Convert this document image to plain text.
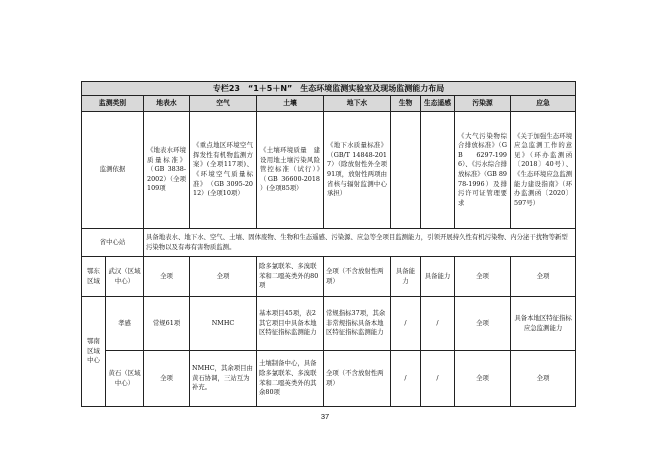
专栏23　“1＋5＋N”　生态环境监测实验室及现场监测能力布局									
监测类别		地表水	空气	土壤	地下水	生物	生态遥感	污染源	应急
监测依据		《地表水环境质量标准》（GB 3838-2002）（全项109项	《重点地区环境空气挥发性有机物监测方案》(全项117项)、《环境空气质量标准》　（GB 3095-2012）(全项10项）	《土壤环境质量　建设用地土壤污染风险管控标准（试行）》　（GB 36600-2018　）(全项85项）	《地下水质量标准》（GB/T 14848-2017）（除放射性外全项91项，放射性两项由省核与辐射监测中心承担）			《大气污染物综合排放标准》（GB 6297-1996）、《污水综合排放标准》（GB 8978-1996）及排污许可证管理要求	《关于加强生态环境应急监测工作的意见》（环办监测函〔2018〕40号）、《生态环境应急监测能力建设指南》（环办监测函〔2020〕597号）
省中心站		具备地表水、地下水、空气、土壤、固体废物、生物和生态遥感、污染源、应急等全项目监测能力，引领开展持久性有机污染物、内分泌干扰物等新型污染物以及有毒有害物质监测。							
鄂东区域	武汉（区域中心）	全项	全项	除多氯联苯、多溴联苯和二噁英类外的80项	全项（不含放射性两项）	具备能力	具备能力	全项	全项
鄂南区域中心	孝感	常规61项	NMHC	基本项目45项，表2其它项目中具备本地区特征指标监测能力	常规指标37项，其余非常规指标具备本地区特征指标监测能力	/	/	全项	具备本地区特征指标应急监测能力
	黄石（区域中心）	全项	NMHC，其余项目由黄石协调，三站互为补充。	土壤制备中心，具备除多氯联苯、多溴联苯和二噁英类外的其余80项	全项（不含放射性两项）	/	/	全项	全项
37
